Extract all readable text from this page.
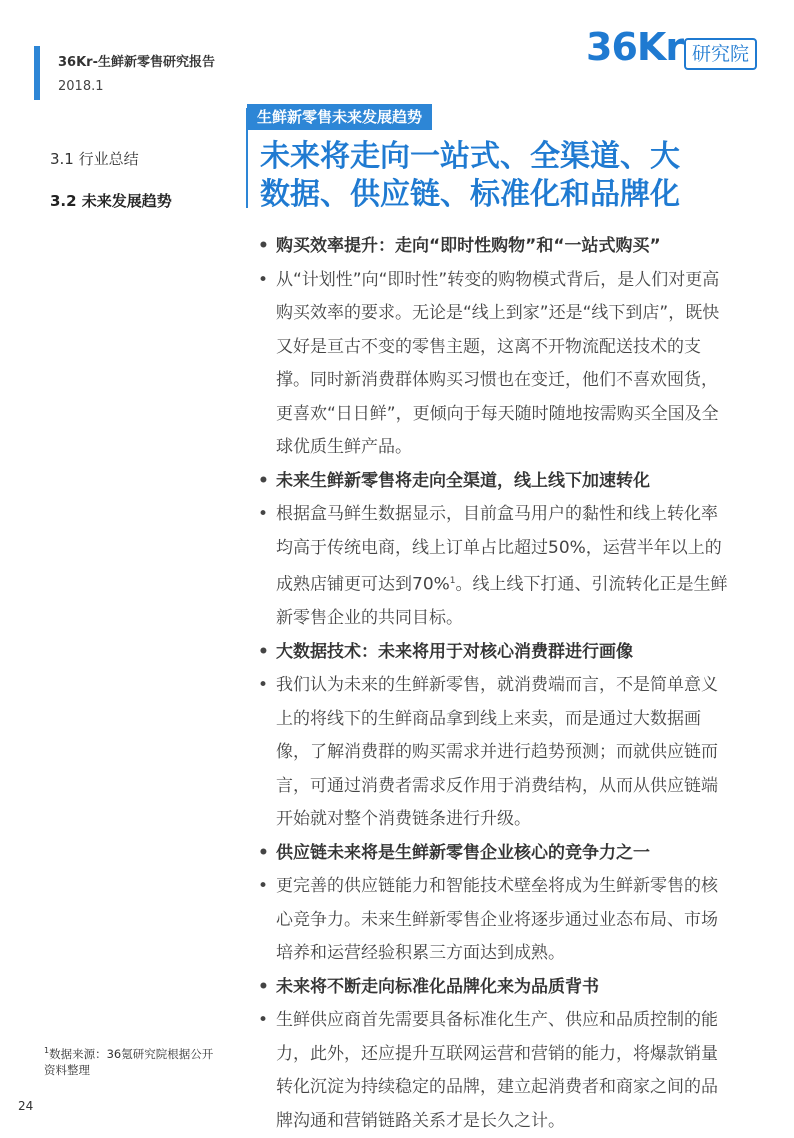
36Kr-生鲜新零售研究报告
2018.1
36Kr 研究院
3.1 行业总结
3.2 未来发展趋势
生鲜新零售未来发展趋势
未来将走向一站式、全渠道、大
数据、供应链、标准化和品牌化
• 购买效率提升：走向“即时性购物”和“一站式购买”
• 从“计划性”向“即时性”转变的购物模式背后，是人们对更高购买效率的要求。无论是“线上到家”还是“线下到店”，既快又好是亘古不变的零售主题，这离不开物流配送技术的支撑。同时新消费群体购买习惯也在变迁，他们不喜欢囤货，更喜欢“日日鲜”，更倾向于每天随时随地按需购买全国及全球优质生鲜产品。
• 未来生鲜新零售将走向全渠道，线上线下加速转化
• 根据盒马鲜生数据显示，目前盒马用户的黏性和线上转化率均高于传统电商，线上订单占比超过50%，运营半年以上的成熟店铺更可达到70%$^1$。线上线下打通、引流转化正是生鲜新零售企业的共同目标。
• 大数据技术：未来将用于对核心消费群进行画像
• 我们认为未来的生鲜新零售，就消费端而言，不是简单意义上的将线下的生鲜商品拿到线上来卖，而是通过大数据画像，了解消费群的购买需求并进行趋势预测；而就供应链而言，可通过消费者需求反作用于消费结构，从而从供应链端开始就对整个消费链条进行升级。
• 供应链未来将是生鲜新零售企业核心的竞争力之一
• 更完善的供应链能力和智能技术壁垒将成为生鲜新零售的核心竞争力。未来生鲜新零售企业将逐步通过业态布局、市场培养和运营经验积累三方面达到成熟。
• 未来将不断走向标准化品牌化来为品质背书
• 生鲜供应商首先需要具备标准化生产、供应和品质控制的能力，此外，还应提升互联网运营和营销的能力，将爆款销量转化沉淀为持续稳定的品牌，建立起消费者和商家之间的品牌沟通和营销链路关系才是长久之计。
$^1$数据来源：36氪研究院根据公开资料整理
24
